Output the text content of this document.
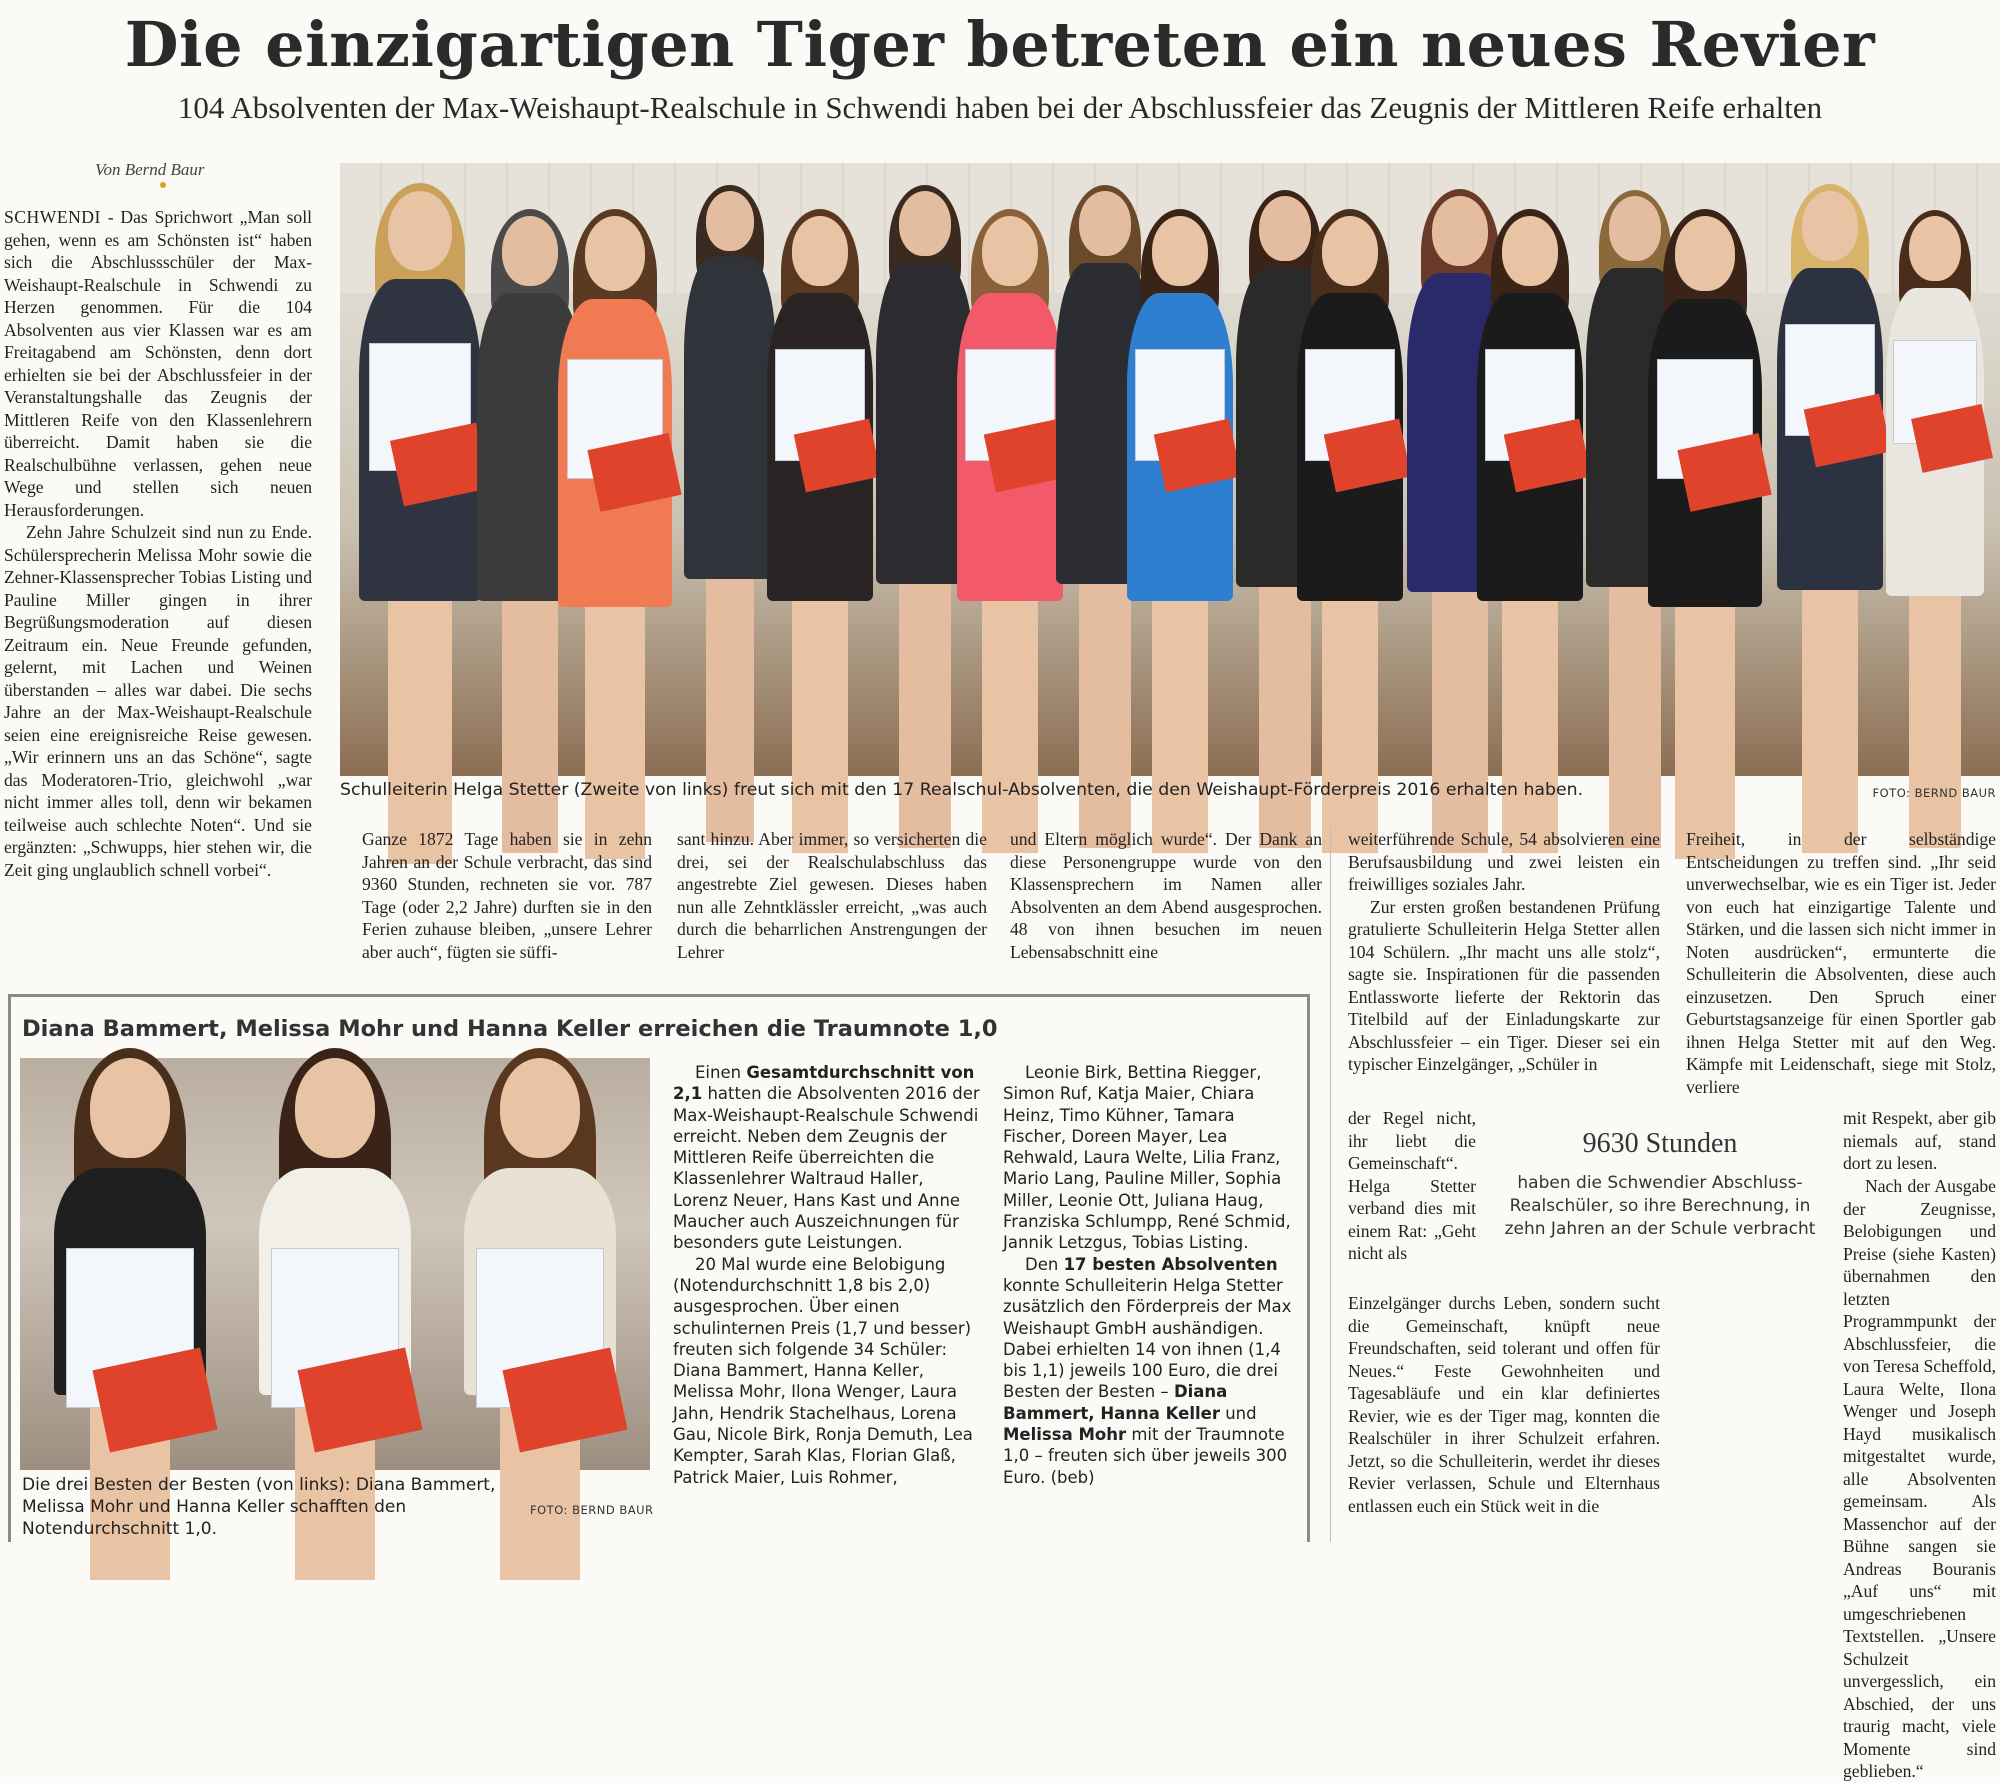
Die einzigartigen Tiger betreten ein neues Revier
104 Absolventen der Max-Weishaupt-Realschule in Schwendi haben bei der Abschlussfeier das Zeugnis der Mittleren Reife erhalten
Von Bernd Baur

SCHWENDI - Das Sprichwort „Man soll gehen, wenn es am Schönsten ist“ haben sich die Abschlussschüler der Max-Weishaupt-Realschule in Schwendi zu Herzen genommen. Für die 104 Absolventen aus vier Klassen war es am Freitagabend am Schönsten, denn dort erhielten sie bei der Abschlussfeier in der Veranstaltungshalle das Zeugnis der Mittleren Reife von den Klassenlehrern überreicht. Damit haben sie die Realschulbühne verlassen, gehen neue Wege und stellen sich neuen Herausforderungen.

Zehn Jahre Schulzeit sind nun zu Ende. Schülersprecherin Melissa Mohr sowie die Zehner-Klassensprecher Tobias Listing und Pauline Miller gingen in ihrer Begrüßungsmoderation auf diesen Zeitraum ein. Neue Freunde gefunden, gelernt, mit Lachen und Weinen überstanden – alles war dabei. Die sechs Jahre an der Max-Weishaupt-Realschule seien eine ereignisreiche Reise gewesen. „Wir erinnern uns an das Schöne“, sagte das Moderatoren-Trio, gleichwohl „war nicht immer alles toll, denn wir bekamen teilweise auch schlechte Noten“. Und sie ergänzten: „Schwupps, hier stehen wir, die Zeit ging unglaublich schnell vorbei“.

Schulleiterin Helga Stetter (Zweite von links) freut sich mit den 17 Realschul-Absolventen, die den Weishaupt-Förderpreis 2016 erhalten haben.	FOTO: BERND BAUR

Ganze 1872 Tage haben sie in zehn Jahren an der Schule verbracht, das sind 9360 Stunden, rechneten sie vor. 787 Tage (oder 2,2 Jahre) durften sie in den Ferien zuhause bleiben, „unsere Lehrer aber auch“, fügten sie süffi-

sant hinzu. Aber immer, so versicherten die drei, sei der Realschulabschluss das angestrebte Ziel gewesen. Dieses haben nun alle Zehntklässler erreicht, „was auch durch die beharrlichen Anstrengungen der Lehrer

und Eltern möglich wurde“. Der Dank an diese Personengruppe wurde von den Klassensprechern im Namen aller Absolventen an dem Abend ausgesprochen. 48 von ihnen besuchen im neuen Lebensabschnitt eine

weiterführende Schule, 54 absolvieren eine Berufsausbildung und zwei leisten ein freiwilliges soziales Jahr.

Zur ersten großen bestandenen Prüfung gratulierte Schulleiterin Helga Stetter allen 104 Schülern. „Ihr macht uns alle stolz“, sagte sie. Inspirationen für die passenden Entlassworte lieferte der Rektorin das Titelbild auf der Einladungskarte zur Abschlussfeier – ein Tiger. Dieser sei ein typischer Einzelgänger, „Schüler in

der Regel nicht, ihr liebt die Gemeinschaft“. Helga Stetter verband dies mit einem Rat: „Geht nicht als

Einzelgänger durchs Leben, sondern sucht die Gemeinschaft, knüpft neue Freundschaften, seid tolerant und offen für Neues.“ Feste Gewohnheiten und Tagesabläufe und ein klar definiertes Revier, wie es der Tiger mag, konnten die Realschüler in ihrer Schulzeit erfahren. Jetzt, so die Schulleiterin, werdet ihr dieses Revier verlassen, Schule und Elternhaus entlassen euch ein Stück weit in die

9630 Stunden
haben die Schwendier Abschluss-Realschüler, so ihre Berechnung, in zehn Jahren an der Schule verbracht

Freiheit, in der selbständige Entscheidungen zu treffen sind. „Ihr seid unverwechselbar, wie es ein Tiger ist. Jeder von euch hat einzigartige Talente und Stärken, und die lassen sich nicht immer in Noten ausdrücken“, ermunterte die Schulleiterin die Absolventen, diese auch einzusetzen. Den Spruch einer Geburtstagsanzeige für einen Sportler gab ihnen Helga Stetter mit auf den Weg. Kämpfe mit Leidenschaft, siege mit Stolz, verliere

mit Respekt, aber gib niemals auf, stand dort zu lesen.

Nach der Ausgabe der Zeugnisse, Belobigungen und Preise (siehe Kasten) übernahmen den letzten Programmpunkt der Abschlussfeier, die von Teresa Scheffold, Laura Welte, Ilona Wenger und Joseph Hayd musikalisch mitgestaltet wurde, alle Absolventen gemeinsam. Als Massenchor auf der Bühne sangen sie Andreas Bouranis „Auf uns“ mit umgeschriebenen Textstellen. „Unsere Schulzeit unvergesslich, ein Abschied, der uns traurig macht, viele Momente sind geblieben.“

Diana Bammert, Melissa Mohr und Hanna Keller erreichen die Traumnote 1,0
Die drei Besten der Besten (von links): Diana Bammert, Melissa Mohr und Hanna Keller schafften den Notendurchschnitt 1,0.
FOTO: BERND BAUR

Einen Gesamtdurchschnitt von 2,1 hatten die Absolventen 2016 der Max-Weishaupt-Realschule Schwendi erreicht. Neben dem Zeugnis der Mittleren Reife überreichten die Klassenlehrer Waltraud Haller, Lorenz Neuer, Hans Kast und Anne Maucher auch Auszeichnungen für besonders gute Leistungen.

20 Mal wurde eine Belobigung (Notendurchschnitt 1,8 bis 2,0) ausgesprochen. Über einen schulinternen Preis (1,7 und besser) freuten sich folgende 34 Schüler: Diana Bammert, Hanna Keller, Melissa Mohr, Ilona Wenger, Laura Jahn, Hendrik Stachelhaus, Lorena Gau, Nicole Birk, Ronja Demuth, Lea Kempter, Sarah Klas, Florian Glaß, Patrick Maier, Luis Rohmer,

Leonie Birk, Bettina Riegger, Simon Ruf, Katja Maier, Chiara Heinz, Timo Kühner, Tamara Fischer, Doreen Mayer, Lea Rehwald, Laura Welte, Lilia Franz, Mario Lang, Pauline Miller, Sophia Miller, Leonie Ott, Juliana Haug, Franziska Schlumpp, René Schmid, Jannik Letzgus, Tobias Listing.

Den 17 besten Absolventen konnte Schulleiterin Helga Stetter zusätzlich den Förderpreis der Max Weishaupt GmbH aushändigen. Dabei erhielten 14 von ihnen (1,4 bis 1,1) jeweils 100 Euro, die drei Besten der Besten – Diana Bammert, Hanna Keller und Melissa Mohr mit der Traumnote 1,0 – freuten sich über jeweils 300 Euro. (beb)
